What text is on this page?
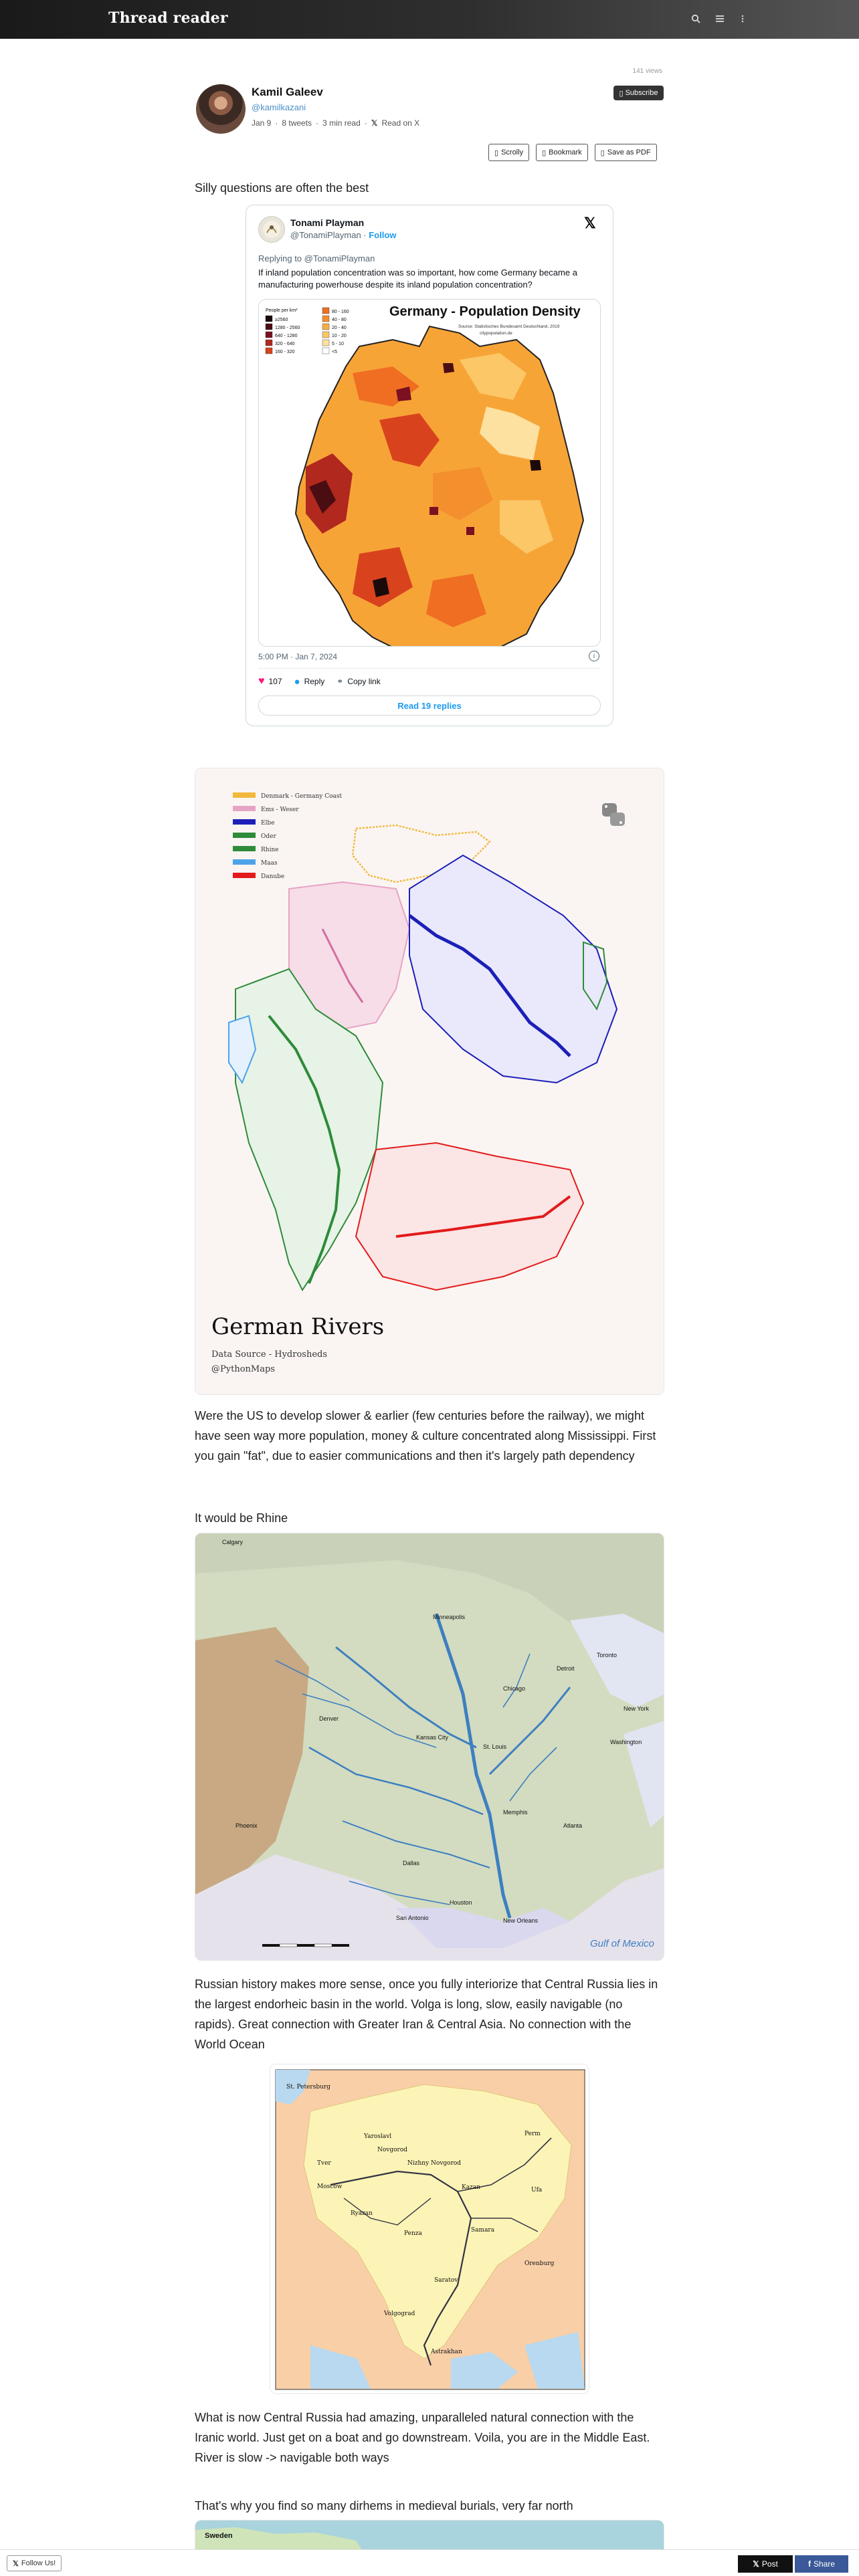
Thread reader
Kamil Galeev
@kamilkazani
Jan 9 · 8 tweets · 3 min read · 𝕏 Read on X
141 views
▯ Subscribe
▯ Scrolly	▯ Bookmark	▯ Save as PDF
Silly questions are often the best
Tonami Playman
@TonamiPlayman · Follow
𝕏
Replying to @TonamiPlayman
If inland population concentration was so important, how come Germany became a manufacturing powerhouse despite its inland population concentration?
People per km²
≥2560
1280 - 2560
640 - 1280
320 - 640
160 - 320
80 - 160
40 - 80
20 - 40
10 - 20
5 - 10
<5
Germany - Population Density
Source: Statistisches Bundesamt Deutschland, 2019
citypopulation.de
5:00 PM · Jan 7, 2024	i
♥ 107 ● Reply ⚭ Copy link
Read 19 replies
Denmark - Germany Coast
Ems - Weser
Elbe
Oder
Rhine
Maas
Danube
German Rivers
Data Source - Hydrosheds
@PythonMaps
Were the US to develop slower & earlier (few centuries before the railway), we might have seen way more population, money & culture concentrated along Mississippi. First you gain "fat", due to easier communications and then it's largely path dependency
It would be Rhine
Gulf of Mexico
Calgary
Minneapolis
Chicago
Detroit
Toronto
New York
Washington
St. Louis
Kansas City
Denver
Phoenix
Dallas
Houston
San Antonio	New Orleans
Memphis
Atlanta
Russian history makes more sense, once you fully interiorize that Central Russia lies in the largest endorheic basin in the world. Volga is long, slow, easily navigable (no rapids). Great connection with Greater Iran & Central Asia. No connection with the World Ocean
St. Petersburg
Tver
Novgorod
Moscow
Nizhny Novgorod
Ryazan
Kazan
Perm
Ufa
Samara
Penza
Saratov
Volgograd
Astrakhan
Orenburg
Yaroslavl
What is now Central Russia had amazing, unparalleled natural connection with the Iranic world. Just get on a boat and go downstream. Voila, you are in the Middle East. River is slow -> navigable both ways
That's why you find so many dirhems in medieval burials, very far north
Sweden
𝕏 Follow Us!	𝕏 Post	f Share
